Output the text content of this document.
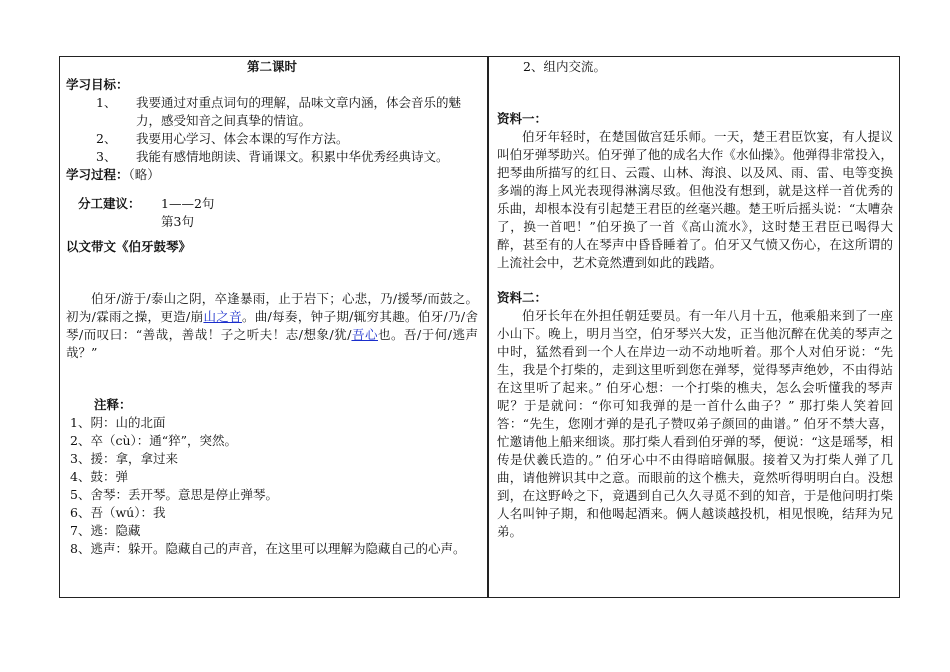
第二课时
学习目标：
1、	我要通过对重点词句的理解，品味文章内涵，体会音乐的魅力，感受知音之间真挚的情谊。
2、	我要用心学习、体会本课的写作方法。
3、	我能有感情地朗读、背诵课文。积累中华优秀经典诗文。
学习过程：（略）
分工建议：	1——2句
第3句
以文带文《伯牙鼓琴》
伯牙/游于/泰山之阴，卒逢暴雨，止于岩下；心悲，乃/援琴/而鼓之。初为/霖雨之操，更造/崩山之音。曲/每奏，钟子期/辄穷其趣。伯牙/乃/舍琴/而叹曰：“善哉，善哉！子之听夫！志/想象/犹/吾心也。吾/于何/逃声哉？”
注释：
1、阴：山的北面
2、卒（cù）：通“猝”，突然。
3、援：拿，拿过来
4、鼓：弹
5、舍琴：丢开琴。意思是停止弹琴。
6、吾（wú）：我
7、逃：隐藏
8、逃声：躲开。隐藏自己的声音，在这里可以理解为隐藏自己的心声。
2、组内交流。
资料一：
伯牙年轻时，在楚国做宫廷乐师。一天，楚王君臣饮宴，有人提议叫伯牙弹琴助兴。伯牙弹了他的成名大作《水仙操》。他弹得非常投入，把琴曲所描写的红日、云霞、山林、海浪、以及风、雨、雷、电等变换多端的海上风光表现得淋漓尽致。但他没有想到，就是这样一首优秀的乐曲，却根本没有引起楚王君臣的丝毫兴趣。楚王听后摇头说：“太嘈杂了，换一首吧！”伯牙换了一首《高山流水》，这时楚王君臣已喝得大醉，甚至有的人在琴声中昏昏睡着了。伯牙又气愤又伤心，在这所谓的上流社会中，艺术竟然遭到如此的践踏。
资料二：
伯牙长年在外担任朝廷要员。有一年八月十五，他乘船来到了一座小山下。晚上，明月当空，伯牙琴兴大发，正当他沉醉在优美的琴声之中时，猛然看到一个人在岸边一动不动地听着。那个人对伯牙说：“先生，我是个打柴的，走到这里听到您在弹琴，觉得琴声绝妙，不由得站在这里听了起来。” 伯牙心想：一个打柴的樵夫，怎么会听懂我的琴声呢？于是就问：“你可知我弹的是一首什么曲子？” 那打柴人笑着回答：“先生，您刚才弹的是孔子赞叹弟子颜回的曲谱。” 伯牙不禁大喜，忙邀请他上船来细谈。那打柴人看到伯牙弹的琴，便说：“这是瑶琴，相传是伏羲氏造的。” 伯牙心中不由得暗暗佩服。接着又为打柴人弹了几曲，请他辨识其中之意。而眼前的这个樵夫，竟然听得明明白白。没想到，在这野岭之下，竟遇到自己久久寻觅不到的知音，于是他问明打柴人名叫钟子期，和他喝起酒来。俩人越谈越投机，相见恨晚，结拜为兄弟。
